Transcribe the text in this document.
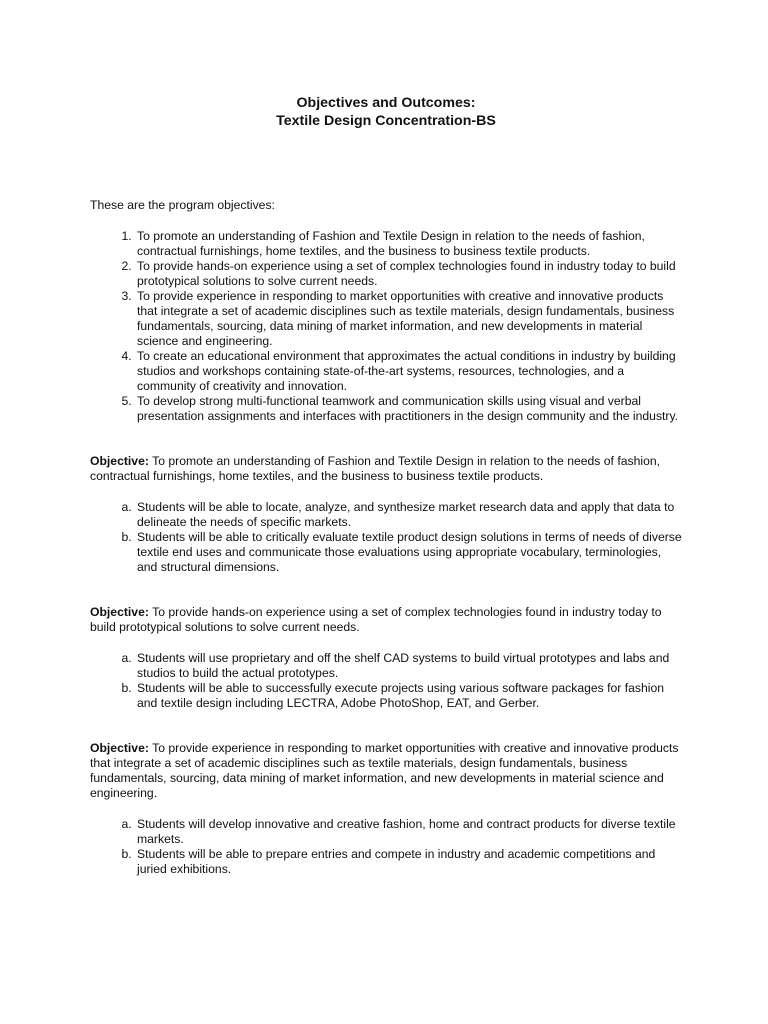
Objectives and Outcomes:
Textile Design Concentration-BS

These are the program objectives:

1. To promote an understanding of Fashion and Textile Design in relation to the needs of fashion, contractual furnishings, home textiles, and the business to business textile products.
2. To provide hands-on experience using a set of complex technologies found in industry today to build prototypical solutions to solve current needs.
3. To provide experience in responding to market opportunities with creative and innovative products that integrate a set of academic disciplines such as textile materials, design fundamentals, business fundamentals, sourcing, data mining of market information, and new developments in material science and engineering.
4. To create an educational environment that approximates the actual conditions in industry by building studios and workshops containing state-of-the-art systems, resources, technologies, and a community of creativity and innovation.
5. To develop strong multi-functional teamwork and communication skills using visual and verbal presentation assignments and interfaces with practitioners in the design community and the industry.

Objective: To promote an understanding of Fashion and Textile Design in relation to the needs of fashion, contractual furnishings, home textiles, and the business to business textile products.

a. Students will be able to locate, analyze, and synthesize market research data and apply that data to delineate the needs of specific markets.
b. Students will be able to critically evaluate textile product design solutions in terms of needs of diverse textile end uses and communicate those evaluations using appropriate vocabulary, terminologies, and structural dimensions.

Objective: To provide hands-on experience using a set of complex technologies found in industry today to build prototypical solutions to solve current needs.

a. Students will use proprietary and off the shelf CAD systems to build virtual prototypes and labs and studios to build the actual prototypes.
b. Students will be able to successfully execute projects using various software packages for fashion and textile design including LECTRA, Adobe PhotoShop, EAT, and Gerber.

Objective: To provide experience in responding to market opportunities with creative and innovative products that integrate a set of academic disciplines such as textile materials, design fundamentals, business fundamentals, sourcing, data mining of market information, and new developments in material science and engineering.

a. Students will develop innovative and creative fashion, home and contract products for diverse textile markets.
b. Students will be able to prepare entries and compete in industry and academic competitions and juried exhibitions.
